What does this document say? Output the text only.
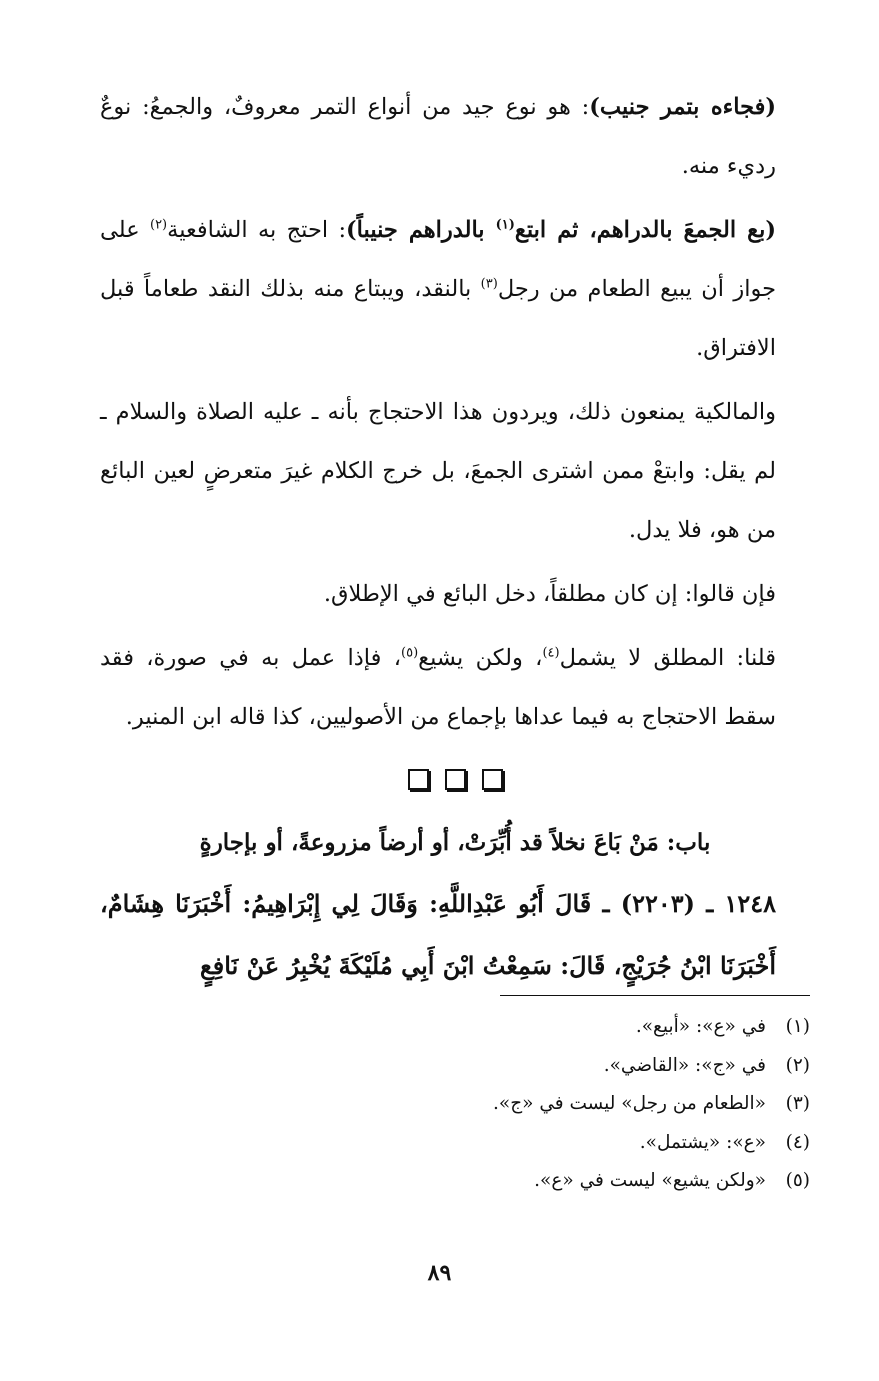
(فجاءه بتمر جنيب): هو نوع جيد من أنواع التمر معروفٌ، والجمعُ: نوعٌ رديء منه.

(بع الجمعَ بالدراهم، ثم ابتع$^{(١)}$ بالدراهم جنيباً): احتج به الشافعية$^{(٢)}$ على جواز أن يبيع الطعام من رجل$^{(٣)}$ بالنقد، ويبتاع منه بذلك النقد طعاماً قبل الافتراق.

والمالكية يمنعون ذلك، ويردون هذا الاحتجاج بأنه ـ عليه الصلاة والسلام ـ لم يقل: وابتعْ ممن اشترى الجمعَ، بل خرج الكلام غيرَ متعرضٍ لعين البائع من هو، فلا يدل.

فإن قالوا: إن كان مطلقاً، دخل البائع في الإطلاق.

قلنا: المطلق لا يشمل$^{(٤)}$، ولكن يشيع$^{(٥)}$، فإذا عمل به في صورة، فقد سقط الاحتجاج به فيما عداها بإجماع من الأصوليين، كذا قاله ابن المنير.

باب: مَنْ بَاعَ نخلاً قد أُبِّرَتْ، أو أرضاً مزروعةً، أو بإجارةٍ

١٢٤٨ ـ (٢٢٠٣) ـ قَالَ أَبُو عَبْدِاللَّهِ: وَقَالَ لِي إِبْرَاهِيمُ: أَخْبَرَنَا هِشَامٌ، أَخْبَرَنَا ابْنُ جُرَيْجٍ، قَالَ: سَمِعْتُ ابْنَ أَبِي مُلَيْكَةَ يُخْبِرُ عَنْ نَافِعٍ

(١)في «ع»: «أبيع».
(٢)في «ج»: «القاضي».
(٣)«الطعام من رجل» ليست في «ج».
(٤)«ع»: «يشتمل».
(٥)«ولكن يشيع» ليست في «ع».
٨٩
